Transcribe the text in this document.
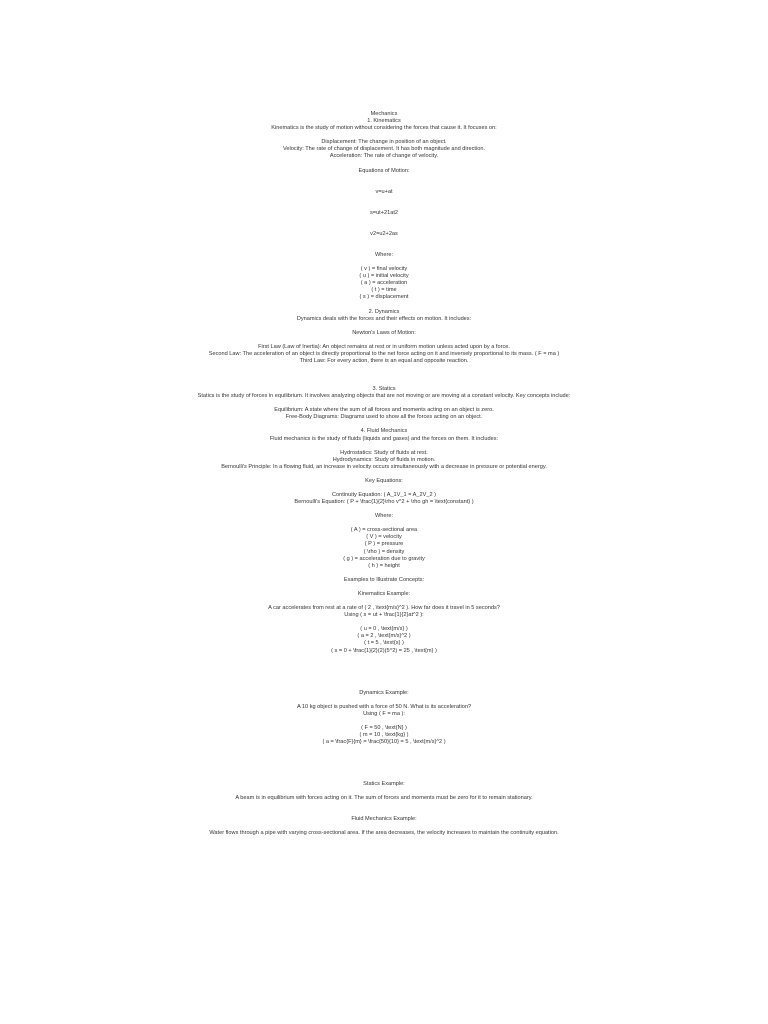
Mechanics
1. Kinematics
Kinematics is the study of motion without considering the forces that cause it. It focuses on:
Displacement: The change in position of an object.
Velocity: The rate of change of displacement. It has both magnitude and direction.
Acceleration: The rate of change of velocity.
Equations of Motion:
v=u+at
s=ut+21at2
v2=u2+2as
Where:
( v ) = final velocity
( u ) = initial velocity
( a ) = acceleration
( t ) = time
( s ) = displacement
2. Dynamics
Dynamics deals with the forces and their effects on motion. It includes:
Newton's Laws of Motion:
First Law (Law of Inertia): An object remains at rest or in uniform motion unless acted upon by a force.
Second Law: The acceleration of an object is directly proportional to the net force acting on it and inversely proportional to its mass. ( F = ma )
Third Law: For every action, there is an equal and opposite reaction.
3. Statics
Statics is the study of forces in equilibrium. It involves analyzing objects that are not moving or are moving at a constant velocity. Key concepts include:
Equilibrium: A state where the sum of all forces and moments acting on an object is zero.
Free-Body Diagrams: Diagrams used to show all the forces acting on an object.
4. Fluid Mechanics
Fluid mechanics is the study of fluids (liquids and gases) and the forces on them. It includes:
Hydrostatics: Study of fluids at rest.
Hydrodynamics: Study of fluids in motion.
Bernoulli's Principle: In a flowing fluid, an increase in velocity occurs simultaneously with a decrease in pressure or potential energy.
Key Equations:
Continuity Equation: ( A_1V_1 = A_2V_2 )
Bernoulli's Equation: ( P + \frac{1}{2}\rho v^2 + \rho gh = \text{constant} )
Where:
( A ) = cross-sectional area
( V ) = velocity
( P ) = pressure
( \rho ) = density
( g ) = acceleration due to gravity
( h ) = height
Examples to Illustrate Concepts:
Kinematics Example:
A car accelerates from rest at a rate of ( 2 , \text{m/s}^2 ). How far does it travel in 5 seconds?
Using ( s = ut + \frac{1}{2}at^2 ):
( u = 0 , \text{m/s} )
( a = 2 , \text{m/s}^2 )
( t = 5 , \text{s} )
( s = 0 + \frac{1}{2}(2)(5^2) = 25 , \text{m} )
Dynamics Example:
A 10 kg object is pushed with a force of 50 N. What is its acceleration?
Using ( F = ma ):
( F = 50 , \text{N} )
( m = 10 , \text{kg} )
( a = \frac{F}{m} = \frac{50}{10} = 5 , \text{m/s}^2 )
Statics Example:
A beam is in equilibrium with forces acting on it. The sum of forces and moments must be zero for it to remain stationary.
Fluid Mechanics Example:
Water flows through a pipe with varying cross-sectional area. If the area decreases, the velocity increases to maintain the continuity equation.
